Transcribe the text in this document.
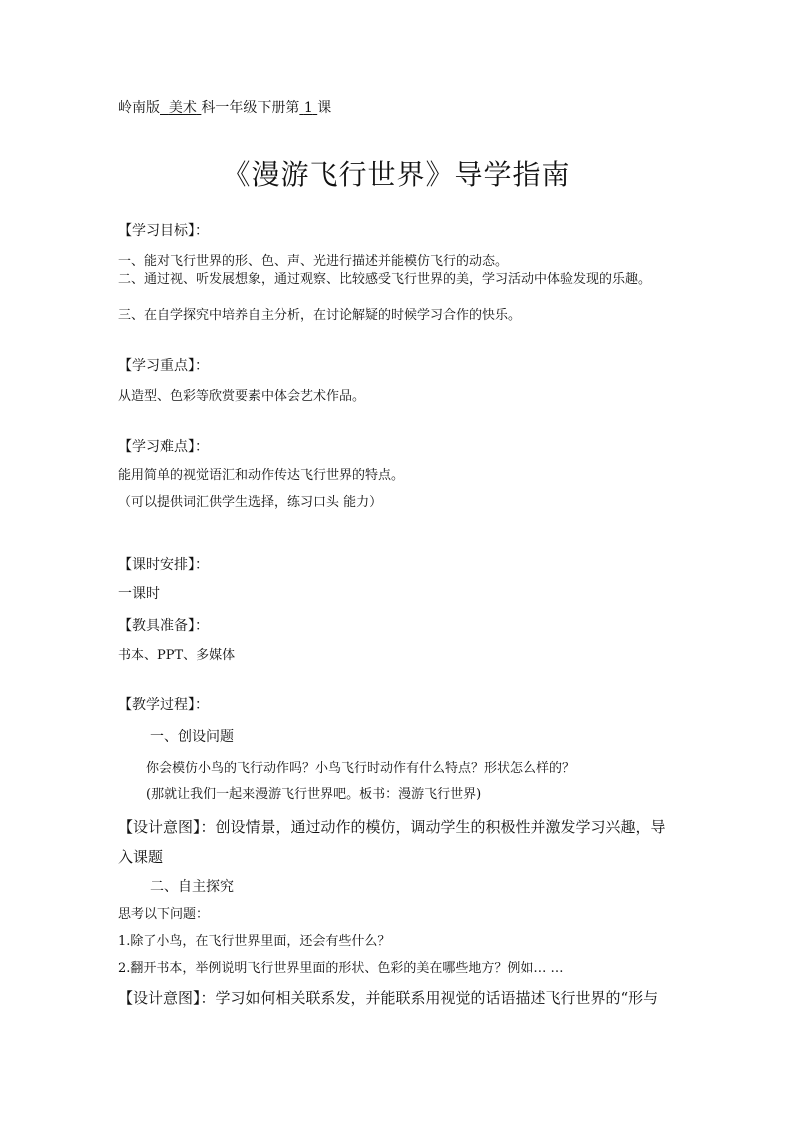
岭南版 美术 科一年级下册第 1 课
《漫游飞行世界》导学指南
【学习目标】：
一、能对飞行世界的形、色、声、光进行描述并能模仿飞行的动态。
二、通过视、听发展想象，通过观察、比较感受飞行世界的美，学习活动中体验发现的乐趣。
三、在自学探究中培养自主分析，在讨论解疑的时候学习合作的快乐。
【学习重点】：
从造型、色彩等欣赏要素中体会艺术作品。
【学习难点】：
能用简单的视觉语汇和动作传达飞行世界的特点。
（可以提供词汇供学生选择，练习口头 能力）
【课时安排】：
一课时
【教具准备】：
书本、PPT、多媒体
【教学过程】：
一、创设问题
你会模仿小鸟的飞行动作吗？小鸟飞行时动作有什么特点？形状怎么样的？
(那就让我们一起来漫游飞行世界吧。板书：漫游飞行世界)
【设计意图】：创设情景，通过动作的模仿，调动学生的积极性并激发学习兴趣，导入课题
二、自主探究
思考以下问题：
1.除了小鸟，在飞行世界里面，还会有些什么？
2.翻开书本，举例说明飞行世界里面的形状、色彩的美在哪些地方？例如… …
【设计意图】：学习如何相关联系发，并能联系用视觉的话语描述飞行世界的“形与
